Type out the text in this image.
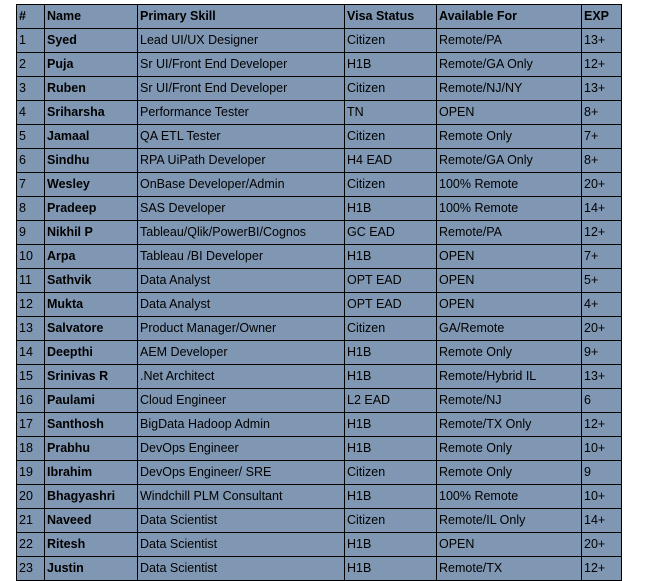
#	Name	Primary Skill	Visa Status	Available For	EXP
1	Syed	Lead UI/UX Designer	Citizen	Remote/PA	13+
2	Puja	Sr UI/Front End Developer	H1B	Remote/GA Only	12+
3	Ruben	Sr UI/Front End Developer	Citizen	Remote/NJ/NY	13+
4	Sriharsha	Performance Tester	TN	OPEN	8+
5	Jamaal	QA ETL Tester	Citizen	Remote Only	7+
6	Sindhu	RPA UiPath Developer	H4 EAD	Remote/GA Only	8+
7	Wesley	OnBase Developer/Admin	Citizen	100% Remote	20+
8	Pradeep	SAS Developer	H1B	100% Remote	14+
9	Nikhil P	Tableau/Qlik/PowerBI/Cognos	GC EAD	Remote/PA	12+
10	Arpa	Tableau /BI Developer	H1B	OPEN	7+
11	Sathvik	Data Analyst	OPT EAD	OPEN	5+
12	Mukta	Data Analyst	OPT EAD	OPEN	4+
13	Salvatore	Product Manager/Owner	Citizen	GA/Remote	20+
14	Deepthi	AEM Developer	H1B	Remote Only	9+
15	Srinivas R	.Net Architect	H1B	Remote/Hybrid IL	13+
16	Paulami	Cloud Engineer	L2 EAD	Remote/NJ	6
17	Santhosh	BigData Hadoop Admin	H1B	Remote/TX Only	12+
18	Prabhu	DevOps Engineer	H1B	Remote Only	10+
19	Ibrahim	DevOps Engineer/ SRE	Citizen	Remote Only	9
20	Bhagyashri	Windchill PLM Consultant	H1B	100% Remote	10+
21	Naveed	Data Scientist	Citizen	Remote/IL Only	14+
22	Ritesh	Data Scientist	H1B	OPEN	20+
23	Justin	Data Scientist	H1B	Remote/TX	12+
